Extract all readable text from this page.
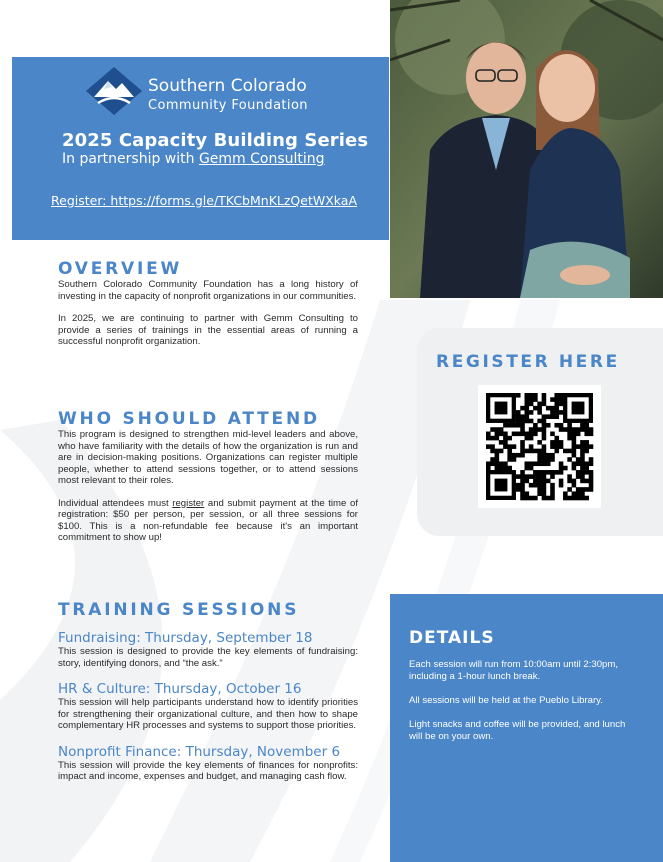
Southern Colorado
Community Foundation
2025 Capacity Building Series
In partnership with Gemm Consulting
Register: https://forms.gle/TKCbMnKLzQetWXkaA
OVERVIEW

Southern Colorado Community Foundation has a long history of investing in the capacity of nonprofit organizations in our communities.

In 2025, we are continuing to partner with Gemm Consulting to provide a series of trainings in the essential areas of running a successful nonprofit organization.

WHO SHOULD ATTEND

This program is designed to strengthen mid-level leaders and above, who have familiarity with the details of how the organization is run and are in decision-making positions. Organizations can register multiple people, whether to attend sessions together, or to attend sessions most relevant to their roles.

Individual attendees must register and submit payment at the time of registration: $50 per person, per session, or all three sessions for $100. This is a non-refundable fee because it's an important commitment to show up!

TRAINING SESSIONS
Fundraising: Thursday, September 18

This session is designed to provide the key elements of fundraising: story, identifying donors, and “the ask.”

HR & Culture: Thursday, October 16

This session will help participants understand how to identify priorities for strengthening their organizational culture, and then how to shape complementary HR processes and systems to support those priorities.

Nonprofit Finance: Thursday, November 6

This session will provide the key elements of finances for nonprofits: impact and income, expenses and budget, and managing cash flow.

REGISTER HERE
DETAILS

Each session will run from 10:00am until 2:30pm, including a 1-hour lunch break.

All sessions will be held at the Pueblo Library.

Light snacks and coffee will be provided, and lunch will be on your own.
